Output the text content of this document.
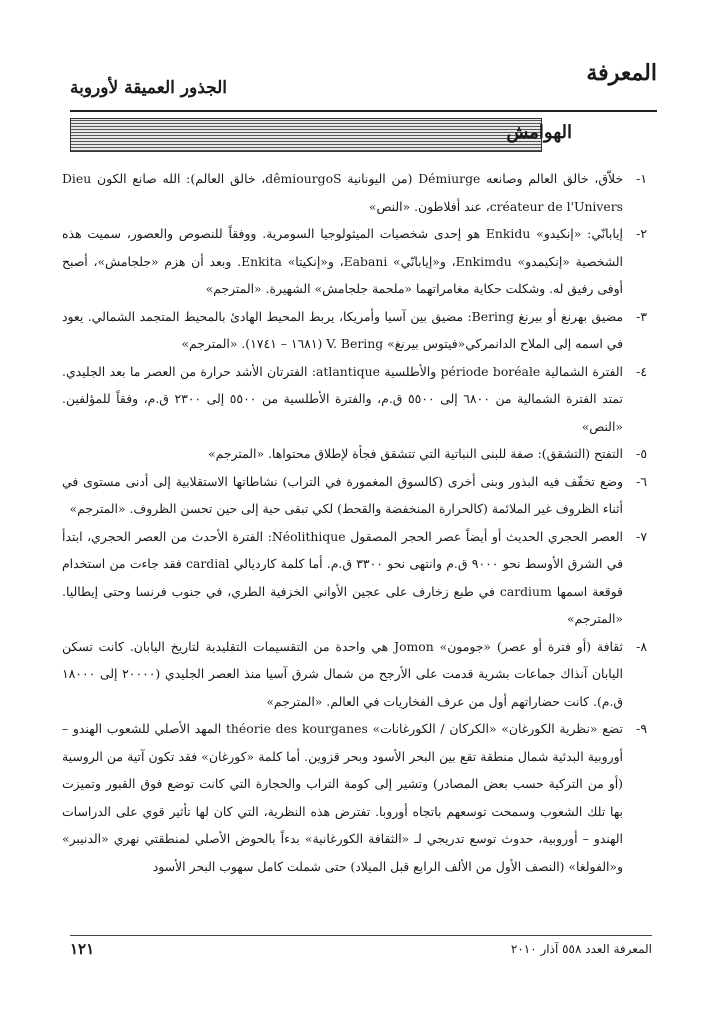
المعرفة
الجذور العميقة لأوروبة
الهوامش

١-
خلاّق، خالق العالم وصانعه Démiurge (من اليونانية dêmiourgoS، خالق العالم): الله صانع الكون Dieu créateur de l'Univers، عند أفلاطون. «النص»

٢-
إيابانّي: «إنكيدو» Enkidu هو إحدى شخصيات الميثولوجيا السومرية. ووفقاً للنصوص والعصور، سميت هذه الشخصية «إنكيمدو» Enkimdu، و«إيابانّي» Eabani، و«إنكيتا» Enkita. وبعد أن هزم «جلجامش»، أصبح أوفى رفيق له. وشكلت حكاية مغامراتهما «ملحمة جلجامش» الشهيرة. «المترجم»

٣-
مضيق بهرنغ أو بيرنغ Bering: مضيق بين آسيا وأمريكا، يربط المحيط الهادئ بالمحيط المتجمد الشمالي. يعود في اسمه إلى الملاح الدانمركي«فيتوس بيرنغ» V. Bering (١٦٨١ – ١٧٤١). «المترجم»

٤-
الفترة الشمالية période boréale والأطلسية atlantique: الفترتان الأشد حرارة من العصر ما بعد الجليدي. تمتد الفترة الشمالية من ٦٨٠٠ إلى ٥٥٠٠ ق.م، والفترة الأطلسية من ٥٥٠٠ إلى ٢٣٠٠ ق.م، وفقاً للمؤلفين. «النص»

٥-
التفتح (التشقق): صفة للبنى النباتية التي تتشقق فجأة لإطلاق محتواها. «المترجم»

٦-
وضع تخفّف فيه البذور وبنى أخرى (كالسوق المغمورة في التراب) نشاطاتها الاستقلابية إلى أدنى مستوى في أثناء الظروف غير الملائمة (كالحرارة المنخفضة والقحط) لكي تبقى حية إلى حين تحسن الظروف. «المترجم»

٧-
العصر الحجري الحديث أو أيضاً عصر الحجر المصقول Néolithique: الفترة الأحدث من العصر الحجري، ابتدأ في الشرق الأوسط نحو ٩٠٠٠ ق.م وانتهى نحو ٣٣٠٠ ق.م. أما كلمة كارديالي cardial فقد جاءت من استخدام قوقعة اسمها cardium في طبع زخارف على عجين الأواني الخزفية الطري، في جنوب فرنسا وحتى إيطاليا. «المترجم»

٨-
ثقافة (أو فترة أو عصر) «جومون» Jomon هي واحدة من التقسيمات التقليدية لتاريخ اليابان. كانت تسكن اليابان آنذاك جماعات بشرية قدمت على الأرجح من شمال شرق آسيا منذ العصر الجليدي (٢٠٠٠٠ إلى ١٨٠٠٠ ق.م). كانت حضاراتهم أول من عرف الفخاريات في العالم. «المترجم»

٩-
تضع «نظرية الكورغان» «الكركان / الكورغانات» théorie des kourganes المهد الأصلي للشعوب الهندو – أوروبية البدئية شمال منطقة تقع بين البحر الأسود وبحر قزوين. أما كلمة «كورغان» فقد تكون آتية من الروسية (أو من التركية حسب بعض المصادر) وتشير إلى كومة التراب والحجارة التي كانت توضع فوق القبور وتميزت بها تلك الشعوب وسمحت توسعهم باتجاه أوروبا. تفترض هذه النظرية، التي كان لها تأثير قوي على الدراسات الهندو – أوروبية، حدوث توسع تدريجي لـ «الثقافة الكورغانية» بدءاً بالحوض الأصلي لمنطقتي نهري «الدنيبر» و«الفولغا» (النصف الأول من الألف الرابع قبل الميلاد) حتى شملت كامل سهوب البحر الأسود

المعرفة العدد ٥٥٨ آذار ٢٠١٠
١٢١
